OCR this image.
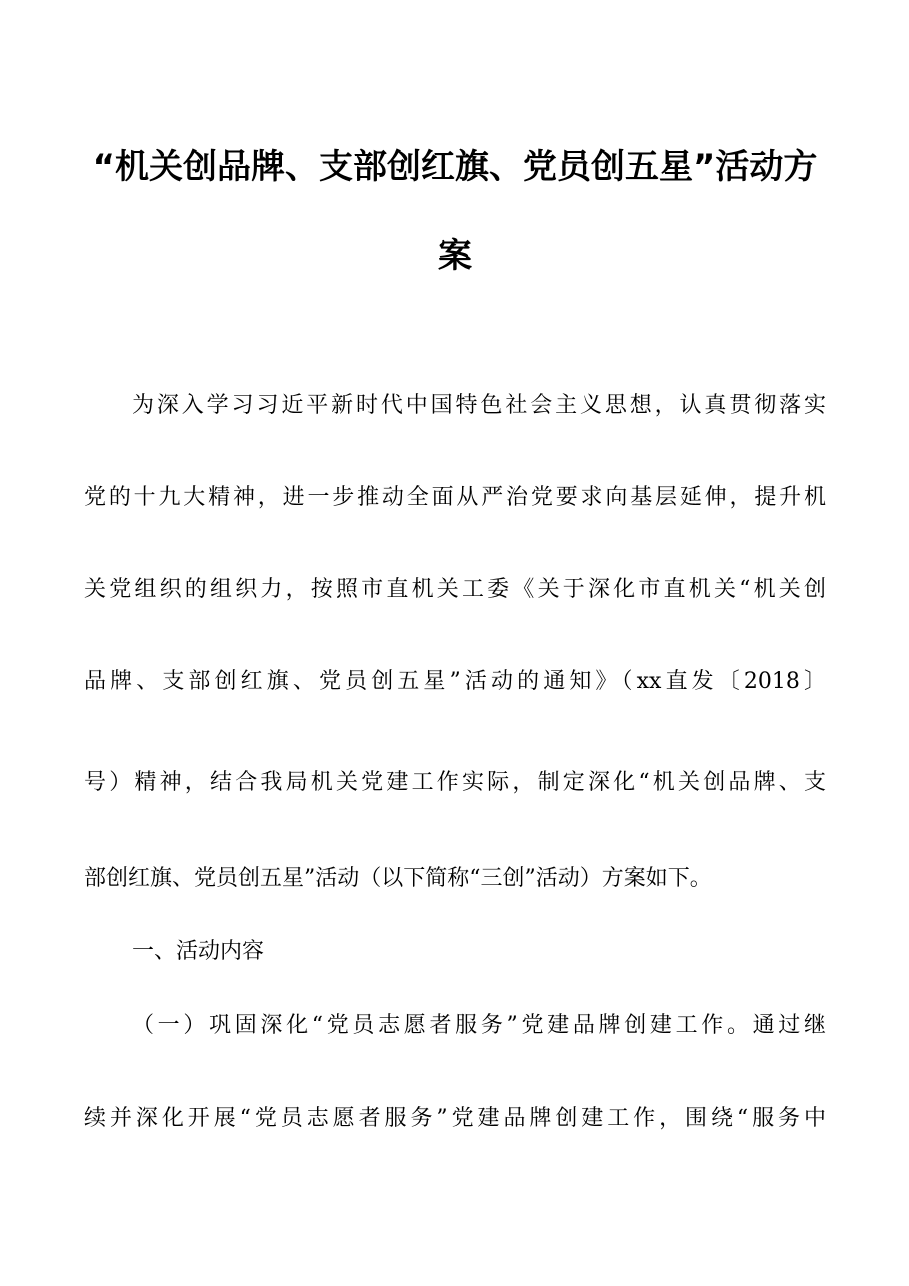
“机关创品牌、支部创红旗、党员创五星”活动方
案

为深入学习习近平新时代中国特色社会主义思想，认真贯彻落实

党的十九大精神，进一步推动全面从严治党要求向基层延伸，提升机

关党组织的组织力，按照市直机关工委《关于深化市直机关“机关创

品牌、支部创红旗、党员创五星”活动的通知》（xx直发〔2018〕

号）精神，结合我局机关党建工作实际，制定深化“机关创品牌、支

部创红旗、党员创五星”活动（以下简称“三创”活动）方案如下。

一、活动内容

（一）巩固深化“党员志愿者服务”党建品牌创建工作。通过继

续并深化开展“党员志愿者服务”党建品牌创建工作，围绕“服务中
